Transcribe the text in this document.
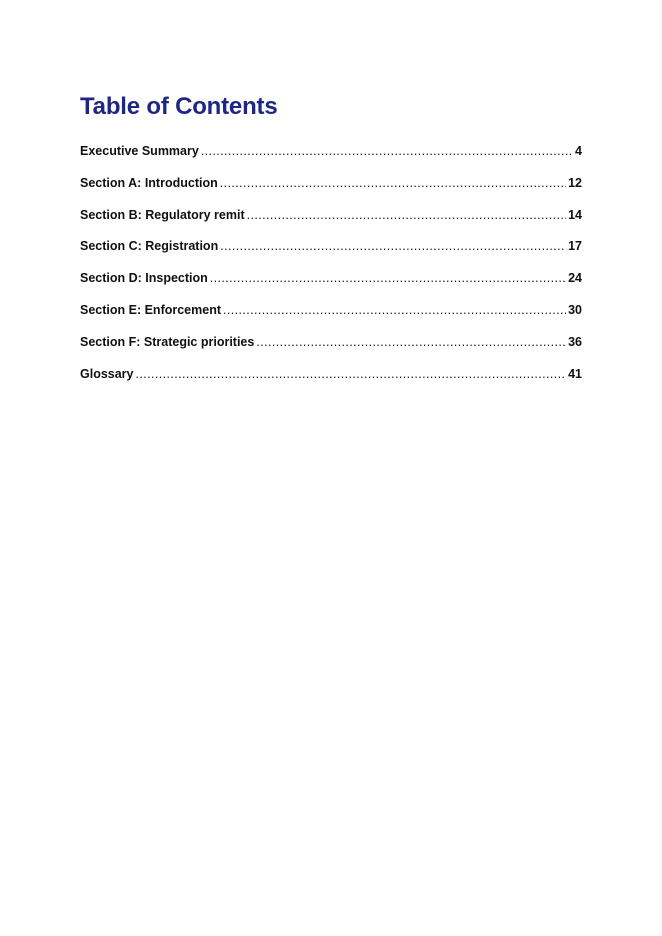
Table of Contents
Executive Summary .....	4
Section A: Introduction .....	12
Section B: Regulatory remit .....	14
Section C: Registration .....	17
Section D: Inspection .....	24
Section E: Enforcement .....	30
Section F: Strategic priorities .....	36
Glossary .....	41
